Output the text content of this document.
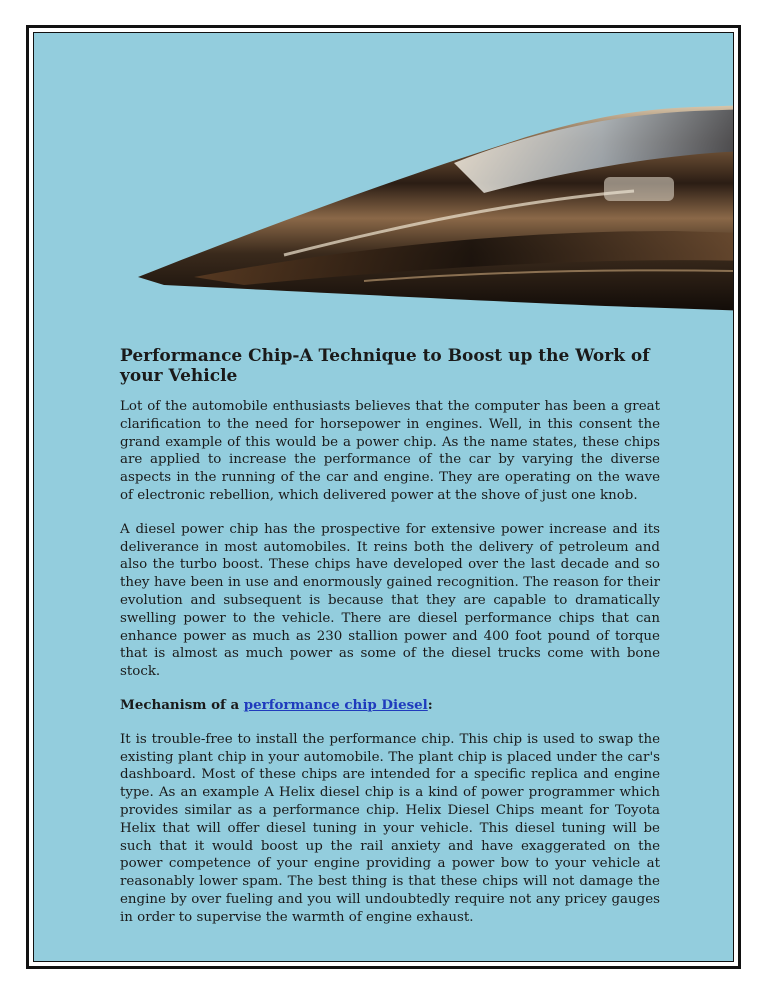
Performance Chip-A Technique to Boost up the Work of your Vehicle

Lot of the automobile enthusiasts believes that the computer has been a great clarification to the need for horsepower in engines. Well, in this consent the grand example of this would be a power chip. As the name states, these chips are applied to increase the performance of the car by varying the diverse aspects in the running of the car and engine. They are operating on the wave of electronic rebellion, which delivered power at the shove of just one knob.

A diesel power chip has the prospective for extensive power increase and its deliverance in most automobiles. It reins both the delivery of petroleum and also the turbo boost. These chips have developed over the last decade and so they have been in use and enormously gained recognition. The reason for their evolution and subsequent is because that they are capable to dramatically swelling power to the vehicle. There are diesel performance chips that can enhance power as much as 230 stallion power and 400 foot pound of torque that is almost as much power as some of the diesel trucks come with bone stock.

Mechanism of a performance chip Diesel:

It is trouble-free to install the performance chip. This chip is used to swap the existing plant chip in your automobile. The plant chip is placed under the car's dashboard. Most of these chips are intended for a specific replica and engine type. As an example A Helix diesel chip is a kind of power programmer which provides similar as a performance chip. Helix Diesel Chips meant for Toyota Helix that will offer diesel tuning in your vehicle. This diesel tuning will be such that it would boost up the rail anxiety and have exaggerated on the power competence of your engine providing a power bow to your vehicle at reasonably lower spam. The best thing is that these chips will not damage the engine by over fueling and you will undoubtedly require not any pricey gauges in order to supervise the warmth of engine exhaust.
